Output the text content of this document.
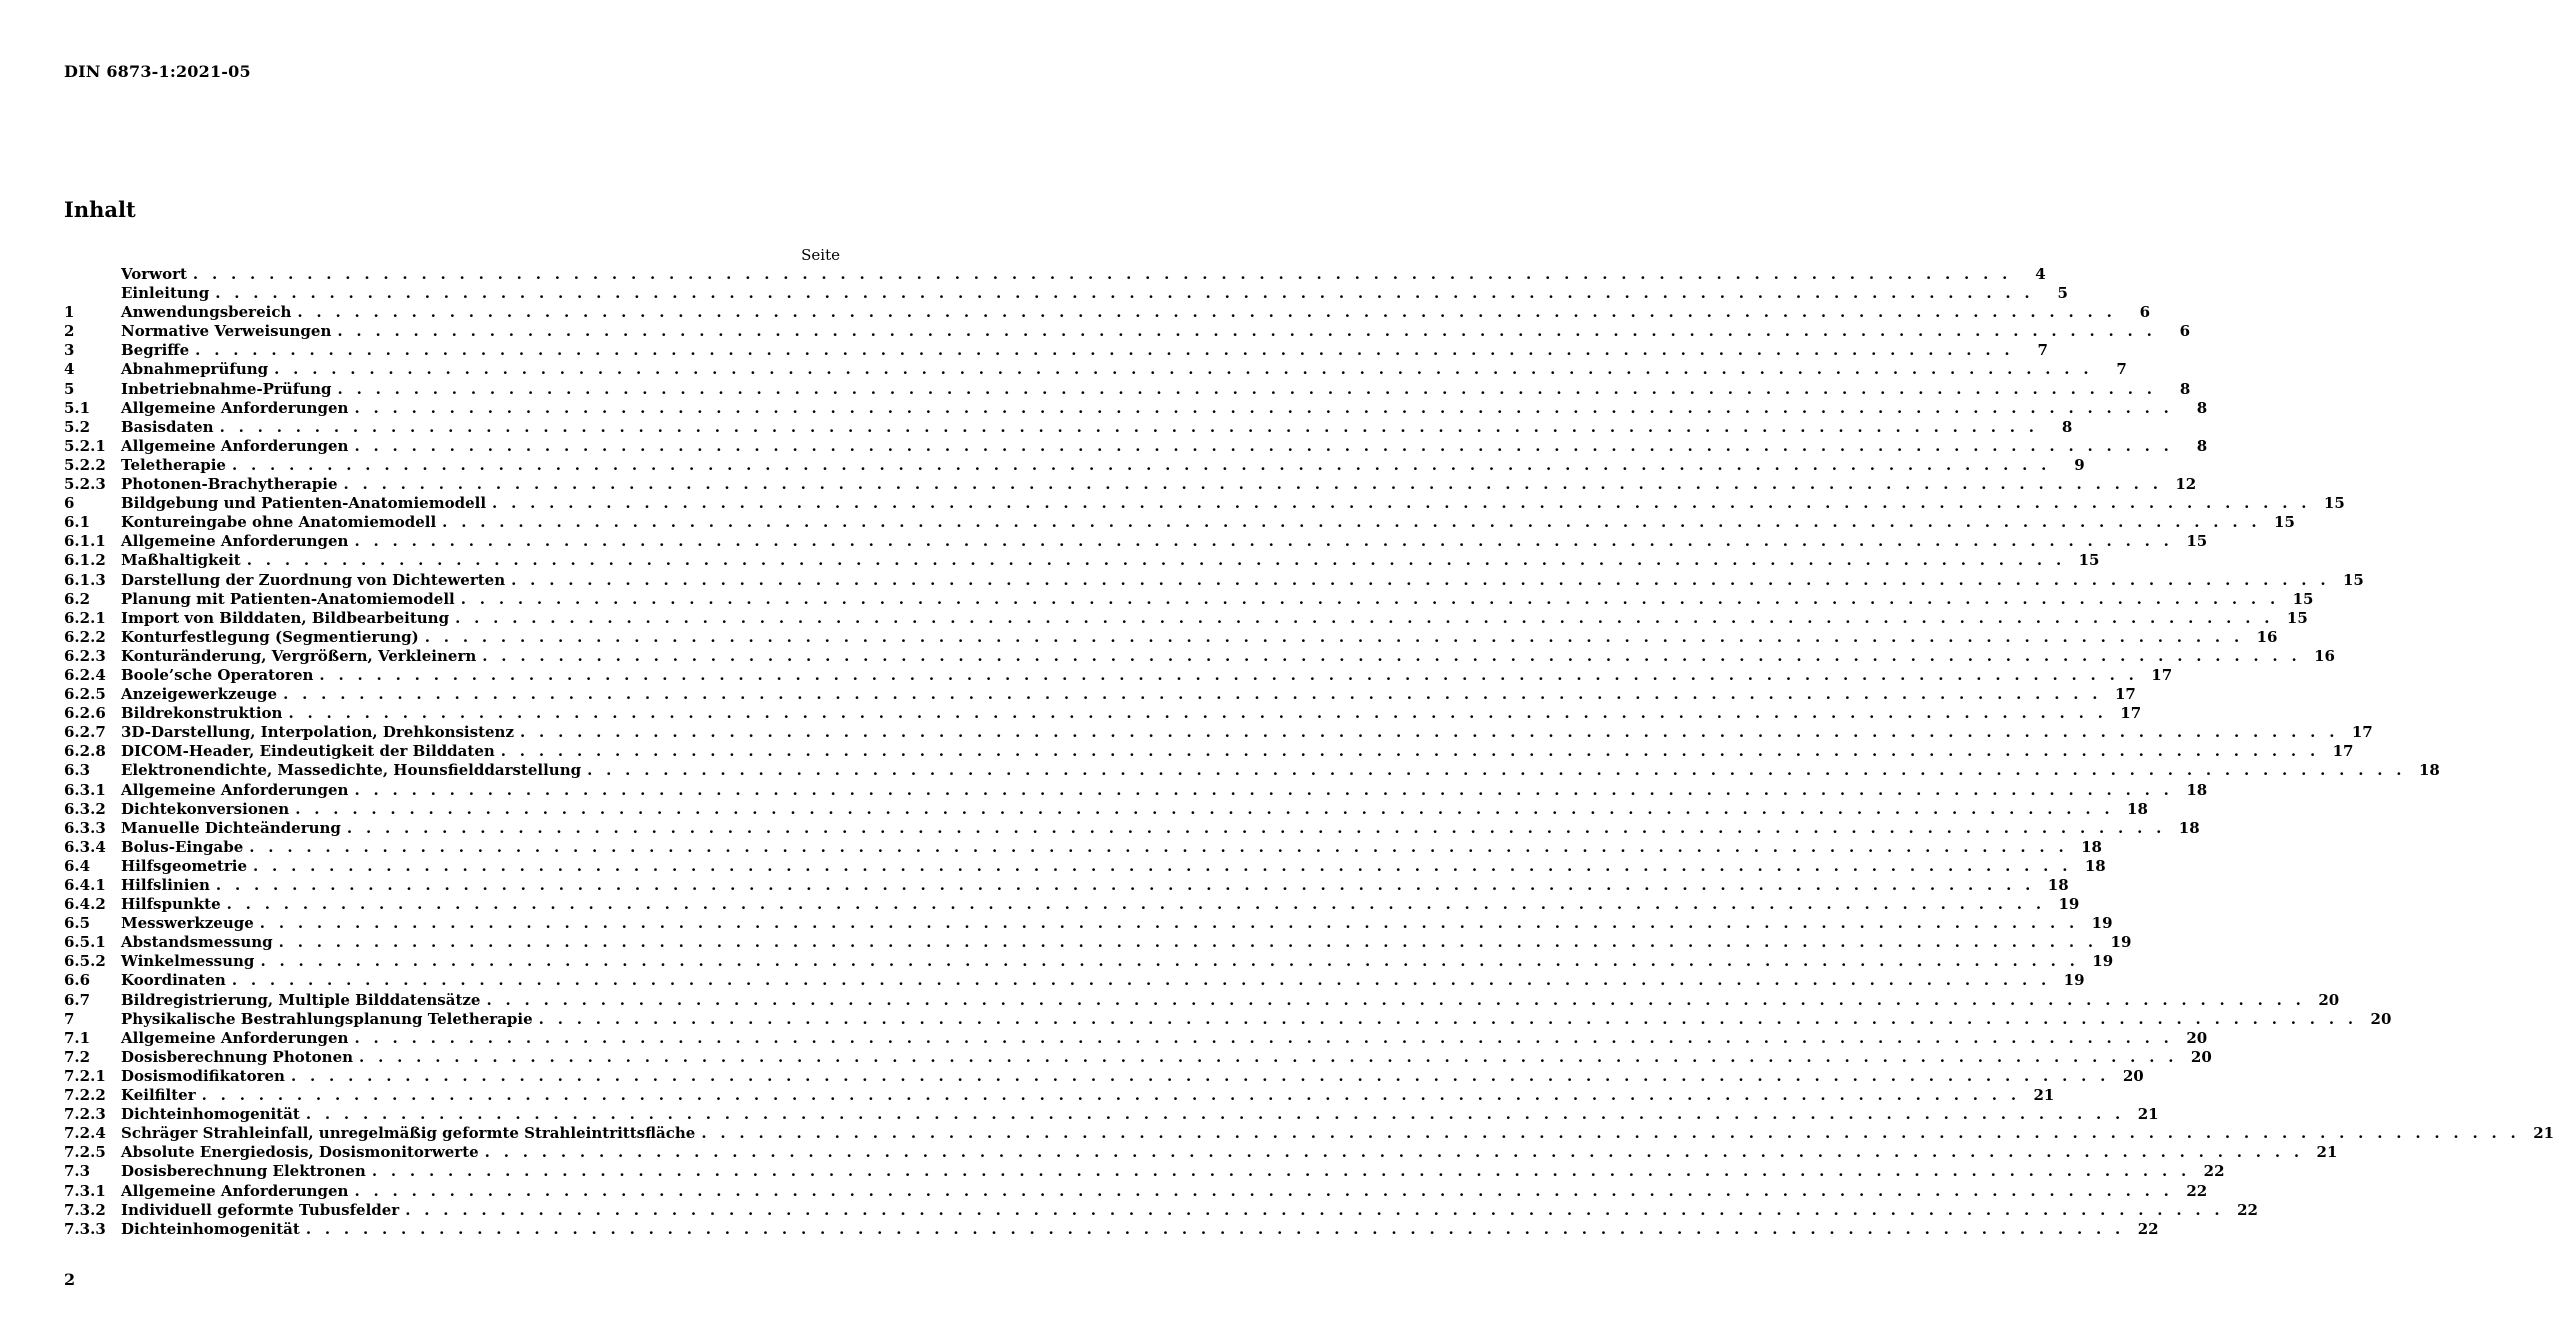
DIN 6873-1:2021-05
Inhalt
Seite
Vorwort . . .	4
Einleitung . . .	5
1	Anwendungsbereich . . .	6
2	Normative Verweisungen . . .	6
3	Begriffe . . .	7
4	Abnahmeprüfung . . .	7
5	Inbetriebnahme-Prüfung . . .	8
5.1	Allgemeine Anforderungen . . .	8
5.2	Basisdaten . . .	8
5.2.1	Allgemeine Anforderungen . . .	8
5.2.2	Teletherapie . . .	9
5.2.3	Photonen-Brachytherapie . . .	12
6	Bildgebung und Patienten-Anatomiemodell . . .	15
6.1	Kontureingabe ohne Anatomiemodell . . .	15
6.1.1	Allgemeine Anforderungen . . .	15
6.1.2	Maßhaltigkeit . . .	15
6.1.3	Darstellung der Zuordnung von Dichtewerten . . .	15
6.2	Planung mit Patienten-Anatomiemodell . . .	15
6.2.1	Import von Bilddaten, Bildbearbeitung . . .	15
6.2.2	Konturfestlegung (Segmentierung) . . .	16
6.2.3	Konturänderung, Vergrößern, Verkleinern . . .	16
6.2.4	Boole’sche Operatoren . . .	17
6.2.5	Anzeigewerkzeuge . . .	17
6.2.6	Bildrekonstruktion . . .	17
6.2.7	3D-Darstellung, Interpolation, Drehkonsistenz . . .	17
6.2.8	DICOM-Header, Eindeutigkeit der Bilddaten . . .	17
6.3	Elektronendichte, Massedichte, Hounsfielddarstellung . . .	18
6.3.1	Allgemeine Anforderungen . . .	18
6.3.2	Dichtekonversionen . . .	18
6.3.3	Manuelle Dichteänderung . . .	18
6.3.4	Bolus-Eingabe . . .	18
6.4	Hilfsgeometrie . . .	18
6.4.1	Hilfslinien . . .	18
6.4.2	Hilfspunkte . . .	19
6.5	Messwerkzeuge . . .	19
6.5.1	Abstandsmessung . . .	19
6.5.2	Winkelmessung . . .	19
6.6	Koordinaten . . .	19
6.7	Bildregistrierung, Multiple Bilddatensätze . . .	20
7	Physikalische Bestrahlungsplanung Teletherapie . . .	20
7.1	Allgemeine Anforderungen . . .	20
7.2	Dosisberechnung Photonen . . .	20
7.2.1	Dosismodifikatoren . . .	20
7.2.2	Keilfilter . . .	21
7.2.3	Dichteinhomogenität . . .	21
7.2.4	Schräger Strahleinfall, unregelmäßig geformte Strahleintrittsfläche . . .	21
7.2.5	Absolute Energiedosis, Dosismonitorwerte . . .	21
7.3	Dosisberechnung Elektronen . . .	22
7.3.1	Allgemeine Anforderungen . . .	22
7.3.2	Individuell geformte Tubusfelder . . .	22
7.3.3	Dichteinhomogenität . . .	22
2
